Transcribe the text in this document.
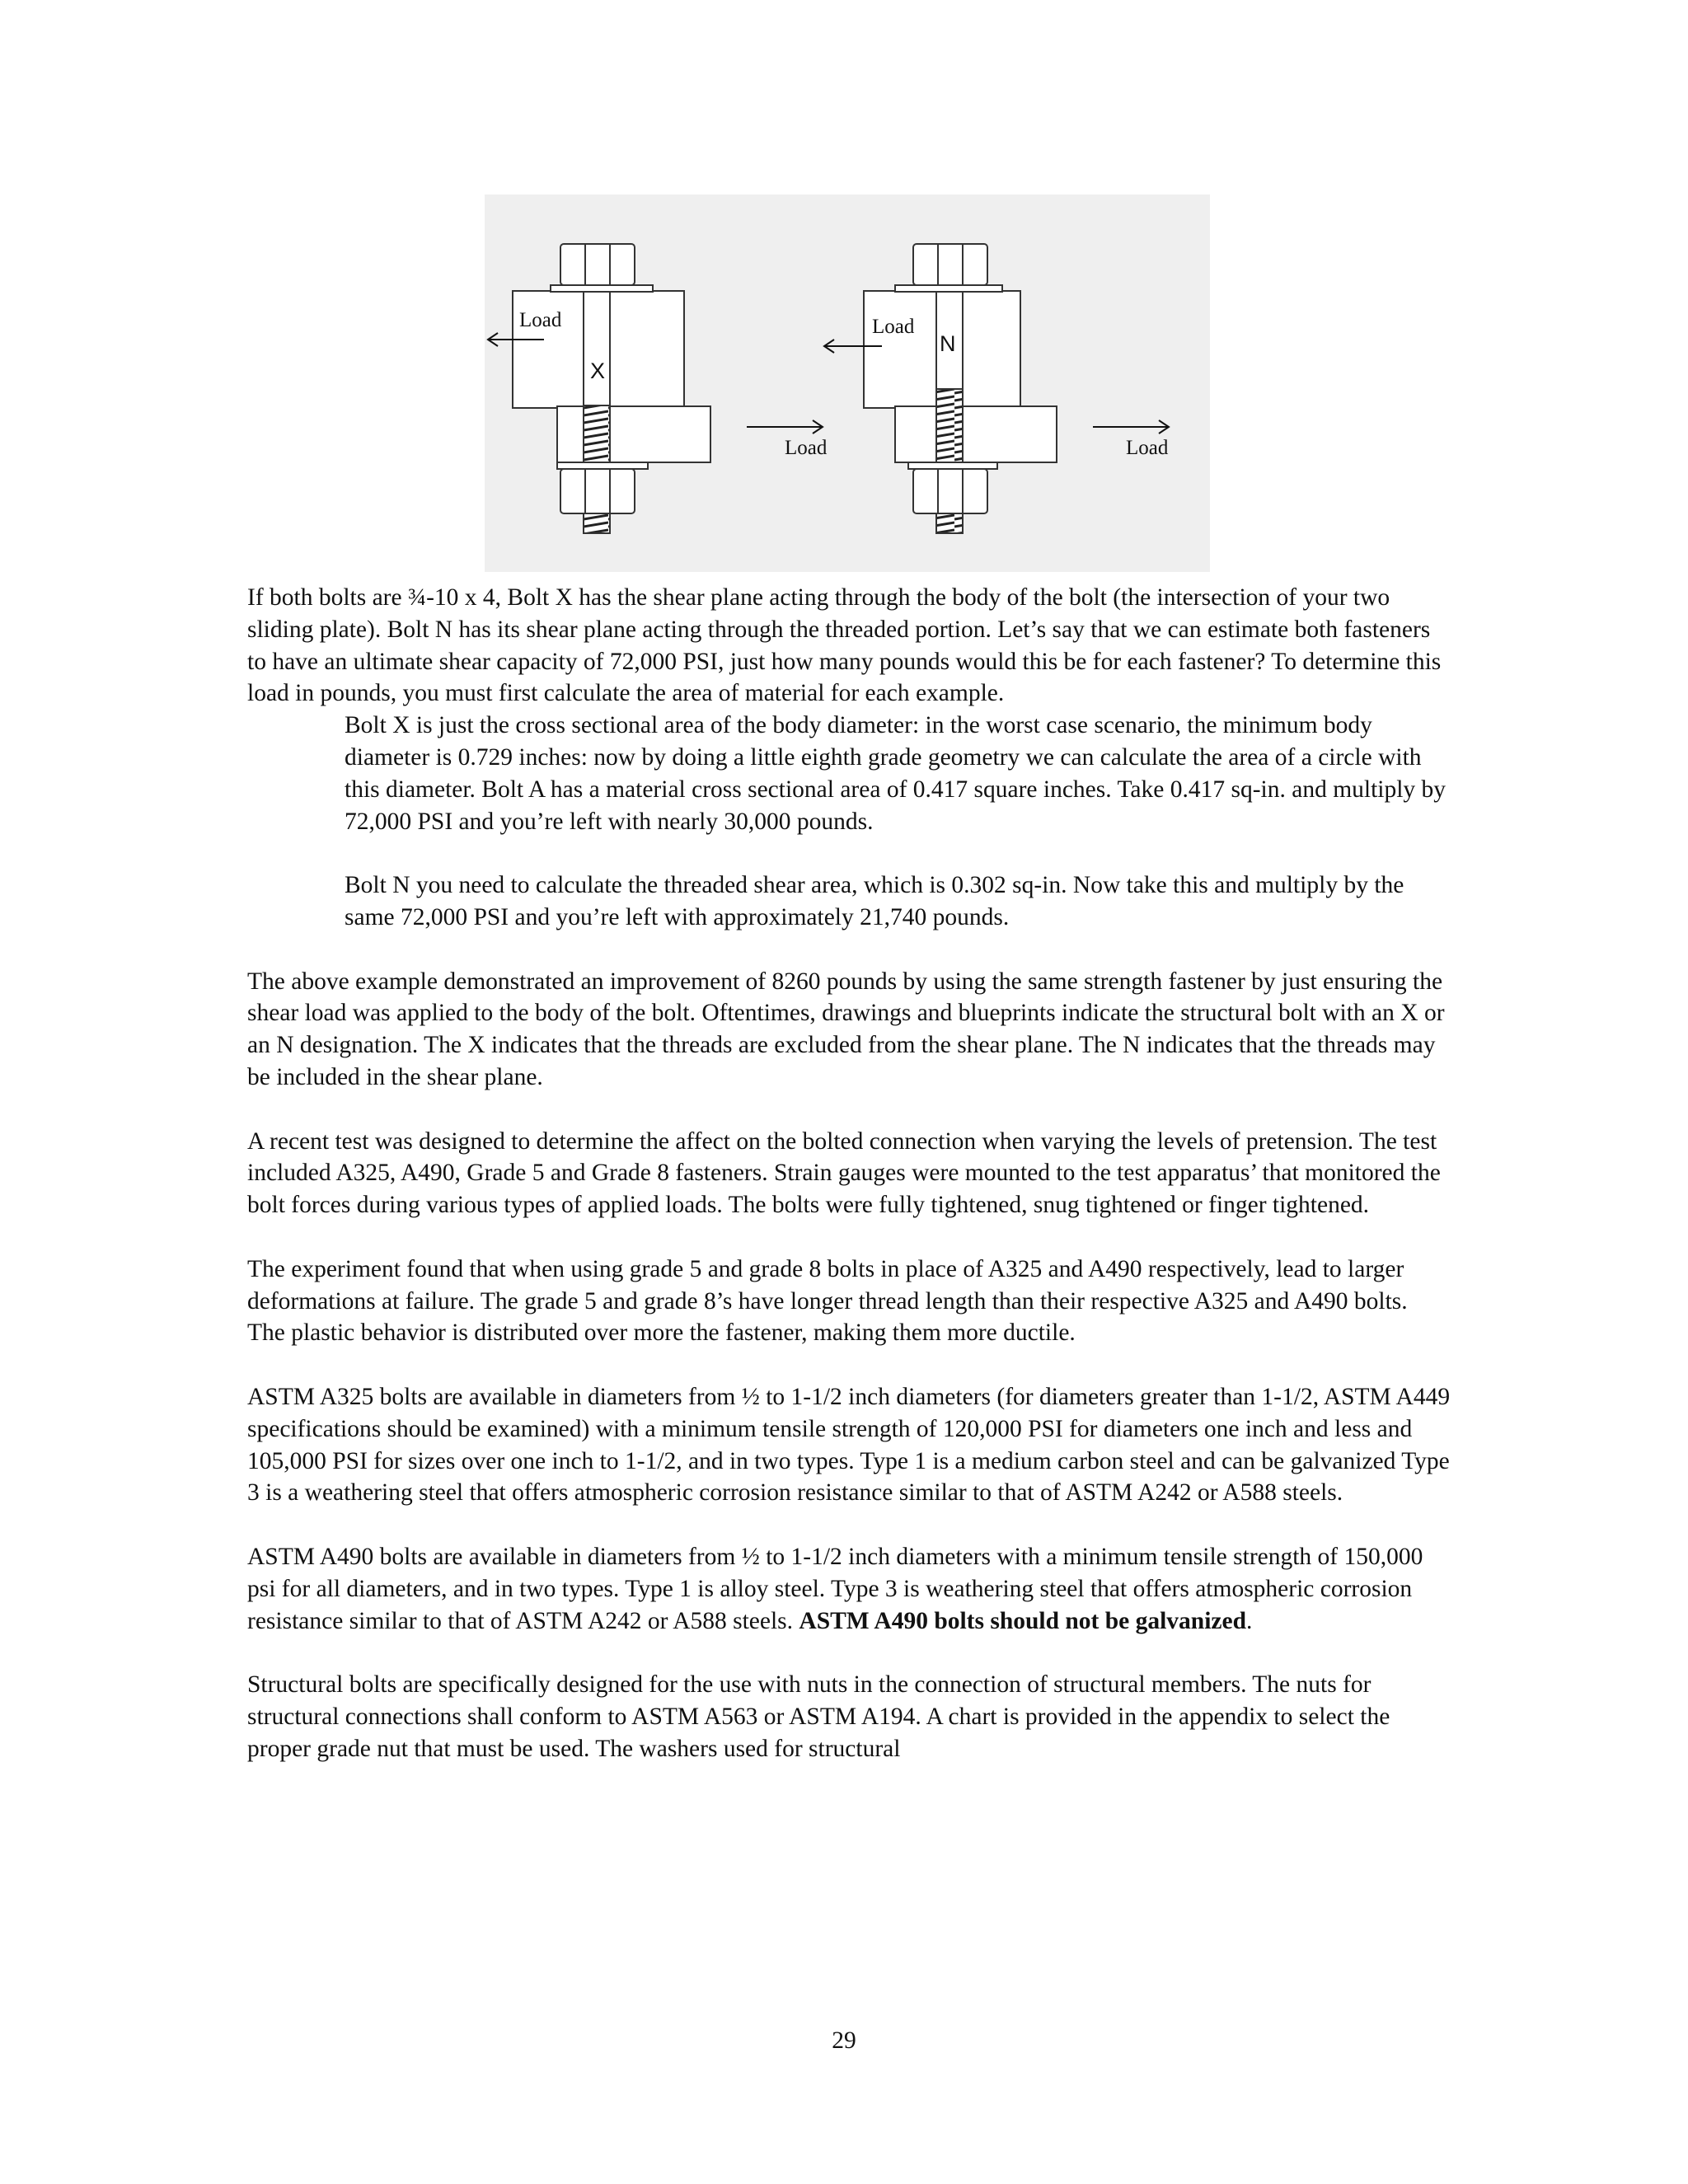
X
Load
Load
N
Load
Load

If both bolts are ¾-10 x 4, Bolt X has the shear plane acting through the body of the bolt (the intersection of your two sliding plate). Bolt N has its shear plane acting through the threaded portion. Let’s say that we can estimate both fasteners to have an ultimate shear capacity of 72,000 PSI, just how many pounds would this be for each fastener? To determine this load in pounds, you must first calculate the area of material for each example.

Bolt X is just the cross sectional area of the body diameter: in the worst case scenario, the minimum body diameter is 0.729 inches: now by doing a little eighth grade geometry we can calculate the area of a circle with this diameter. Bolt A has a material cross sectional area of 0.417 square inches. Take 0.417 sq-in. and multiply by 72,000 PSI and you’re left with nearly 30,000 pounds.

Bolt N you need to calculate the threaded shear area, which is 0.302 sq-in. Now take this and multiply by the same 72,000 PSI and you’re left with approximately 21,740 pounds.

The above example demonstrated an improvement of 8260 pounds by using the same strength fastener by just ensuring the shear load was applied to the body of the bolt. Oftentimes, drawings and blueprints indicate the structural bolt with an X or an N designation. The X indicates that the threads are excluded from the shear plane. The N indicates that the threads may be included in the shear plane.

A recent test was designed to determine the affect on the bolted connection when varying the levels of pretension. The test included A325, A490, Grade 5 and Grade 8 fasteners. Strain gauges were mounted to the test apparatus’ that monitored the bolt forces during various types of applied loads. The bolts were fully tightened, snug tightened or finger tightened.

The experiment found that when using grade 5 and grade 8 bolts in place of A325 and A490 respectively, lead to larger deformations at failure. The grade 5 and grade 8’s have longer thread length than their respective A325 and A490 bolts. The plastic behavior is distributed over more the fastener, making them more ductile.

ASTM A325 bolts are available in diameters from ½ to 1-1/2 inch diameters (for diameters greater than 1-1/2, ASTM A449 specifications should be examined) with a minimum tensile strength of 120,000 PSI for diameters one inch and less and 105,000 PSI for sizes over one inch to 1-1/2, and in two types. Type 1 is a medium carbon steel and can be galvanized Type 3 is a weathering steel that offers atmospheric corrosion resistance similar to that of ASTM A242 or A588 steels.

ASTM A490 bolts are available in diameters from ½ to 1-1/2 inch diameters with a minimum tensile strength of 150,000 psi for all diameters, and in two types. Type 1 is alloy steel. Type 3 is weathering steel that offers atmospheric corrosion resistance similar to that of ASTM A242 or A588 steels. ASTM A490 bolts should not be galvanized.

Structural bolts are specifically designed for the use with nuts in the connection of structural members. The nuts for structural connections shall conform to ASTM A563 or ASTM A194. A chart is provided in the appendix to select the proper grade nut that must be used. The washers used for structural

29
